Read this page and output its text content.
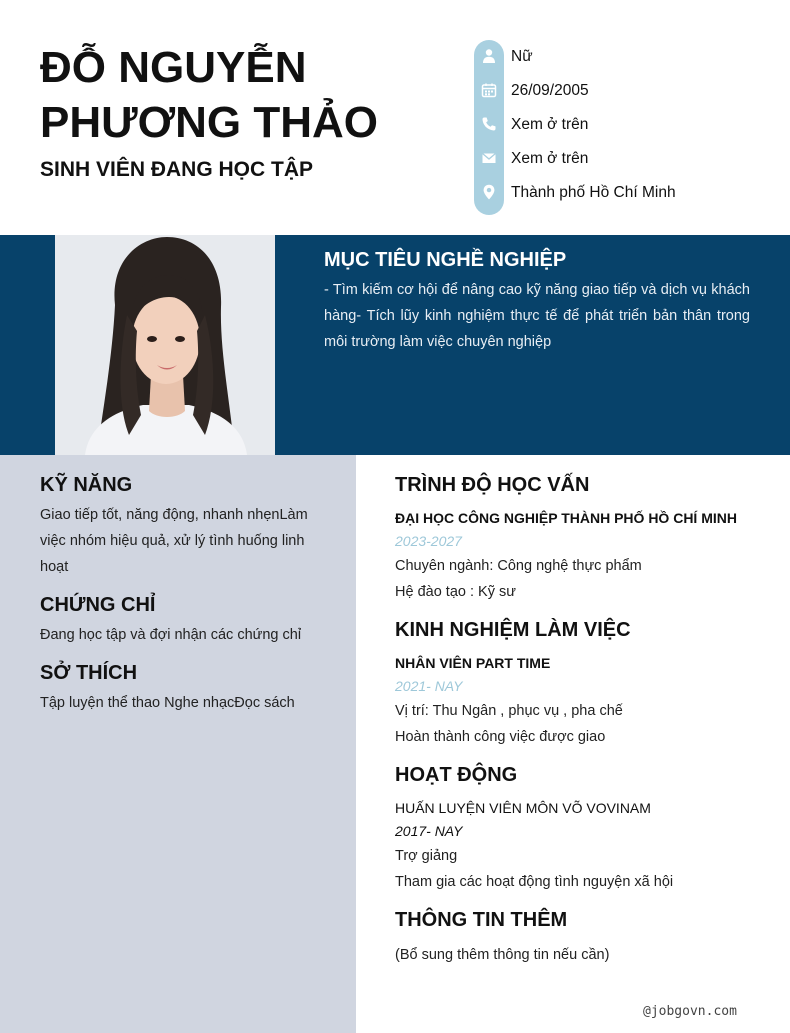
ĐỖ NGUYỄN
PHƯƠNG THẢO
SINH VIÊN ĐANG HỌC TẬP
Nữ
26/09/2005
Xem ở trên
Xem ở trên
Thành phố Hồ Chí Minh
MỤC TIÊU NGHỀ NGHIỆP

- Tìm kiếm cơ hội để nâng cao kỹ năng giao tiếp và dịch vụ khách hàng- Tích lũy kinh nghiệm thực tế để phát triển bản thân trong môi trường làm việc chuyên nghiệp

KỸ NĂNG

Giao tiếp tốt, năng động, nhanh nhẹnLàm việc nhóm hiệu quả, xử lý tình huống linh hoạt

CHỨNG CHỈ

Đang học tập và đợi nhận các chứng chỉ

SỞ THÍCH

Tập luyện thể thao Nghe nhạcĐọc sách

TRÌNH ĐỘ HỌC VẤN

ĐẠI HỌC CÔNG NGHIỆP THÀNH PHỐ HỒ CHÍ MINH

2023-2027

Chuyên ngành: Công nghệ thực phẩm

Hệ đào tạo : Kỹ sư

KINH NGHIỆM LÀM VIỆC

NHÂN VIÊN PART TIME

2021- NAY

Vị trí: Thu Ngân , phục vụ , pha chế

Hoàn thành công việc được giao

HOẠT ĐỘNG

HUẤN LUYỆN VIÊN MÔN VÕ VOVINAM

2017- NAY

Trợ giảng

Tham gia các hoạt động tình nguyện xã hội

THÔNG TIN THÊM

(Bổ sung thêm thông tin nếu cần)

@jobgovn.com
